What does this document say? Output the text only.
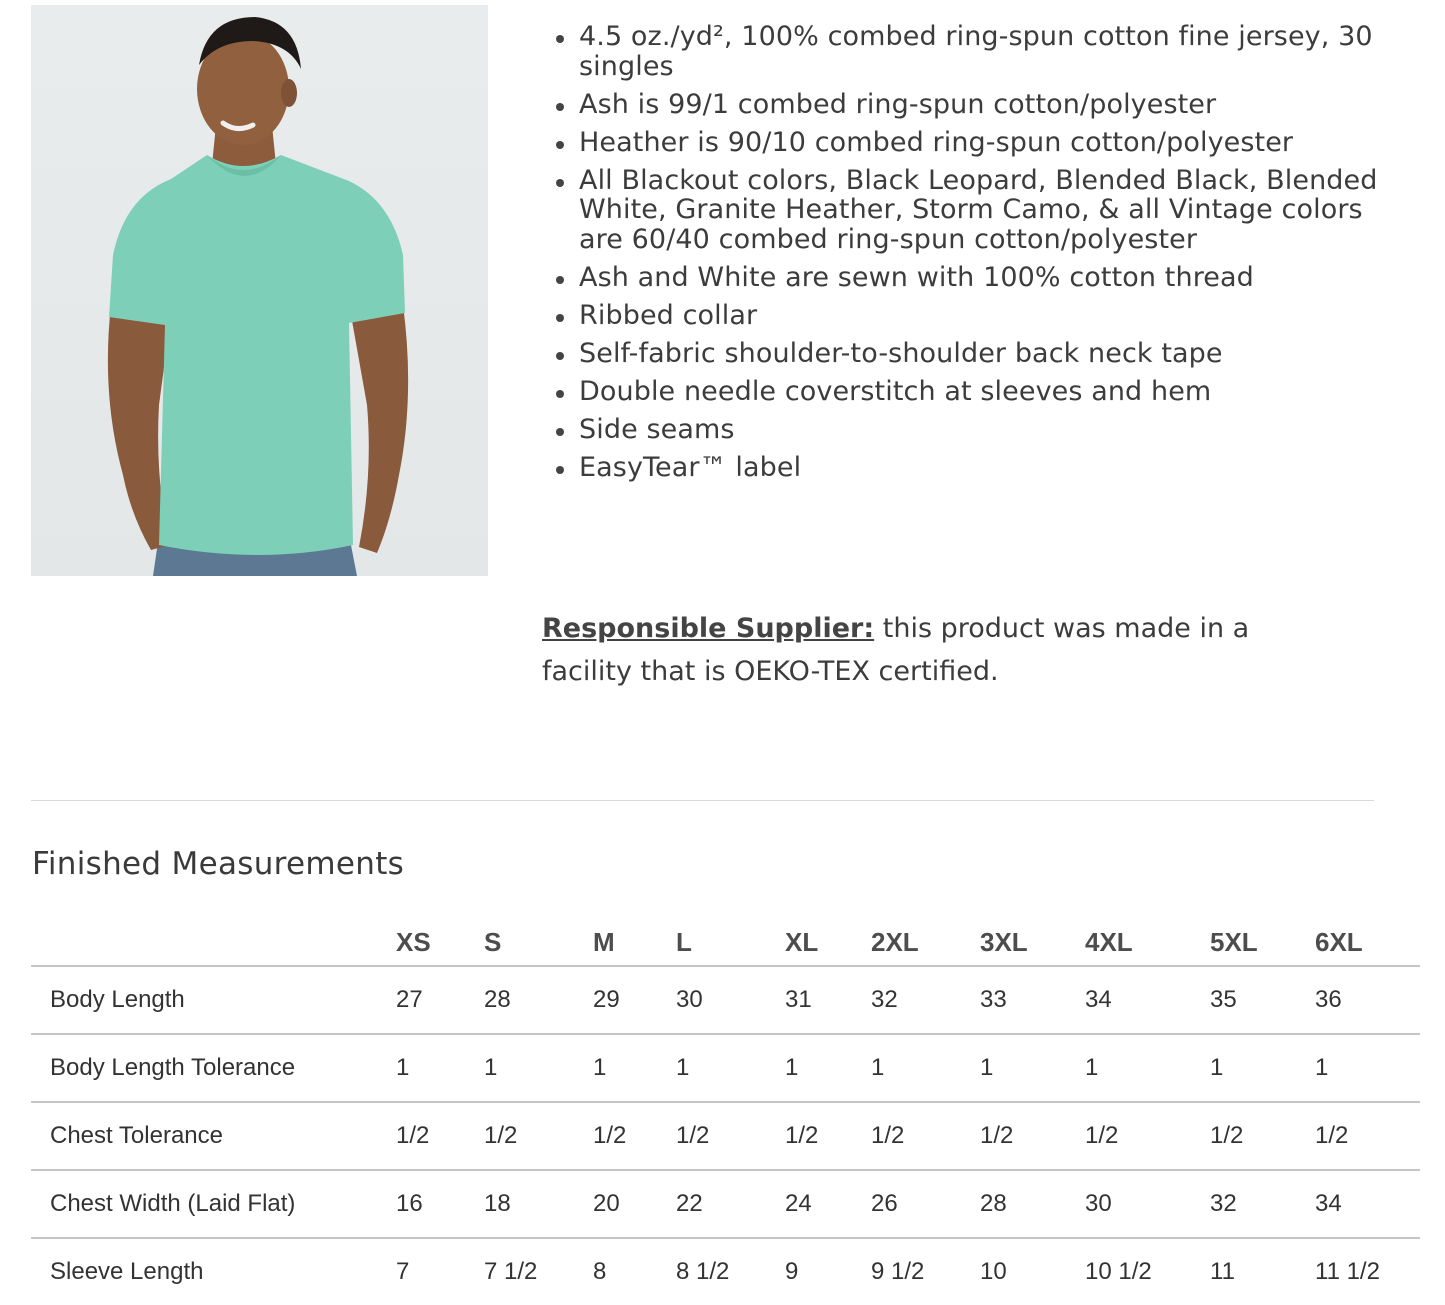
4.5 oz./yd², 100% combed ring-spun cotton fine jersey, 30 singles
Ash is 99/1 combed ring-spun cotton/polyester
Heather is 90/10 combed ring-spun cotton/polyester
All Blackout colors, Black Leopard, Blended Black, Blended White, Granite Heather, Storm Camo, & all Vintage colors are 60/40 combed ring-spun cotton/polyester
Ash and White are sewn with 100% cotton thread
Ribbed collar
Self-fabric shoulder-to-shoulder back neck tape
Double needle coverstitch at sleeves and hem
Side seams
EasyTear™ label
Responsible Supplier: this product was made in a facility that is OEKO-TEX certified.
Finished Measurements
	XS	S	M	L	XL	2XL	3XL	4XL	5XL	6XL
Body Length	27	28	29	30	31	32	33	34	35	36
Body Length Tolerance	1	1	1	1	1	1	1	1	1	1
Chest Tolerance	1/2	1/2	1/2	1/2	1/2	1/2	1/2	1/2	1/2	1/2
Chest Width (Laid Flat)	16	18	20	22	24	26	28	30	32	34
Sleeve Length	7	7 1/2	8	8 1/2	9	9 1/2	10	10 1/2	11	11 1/2
